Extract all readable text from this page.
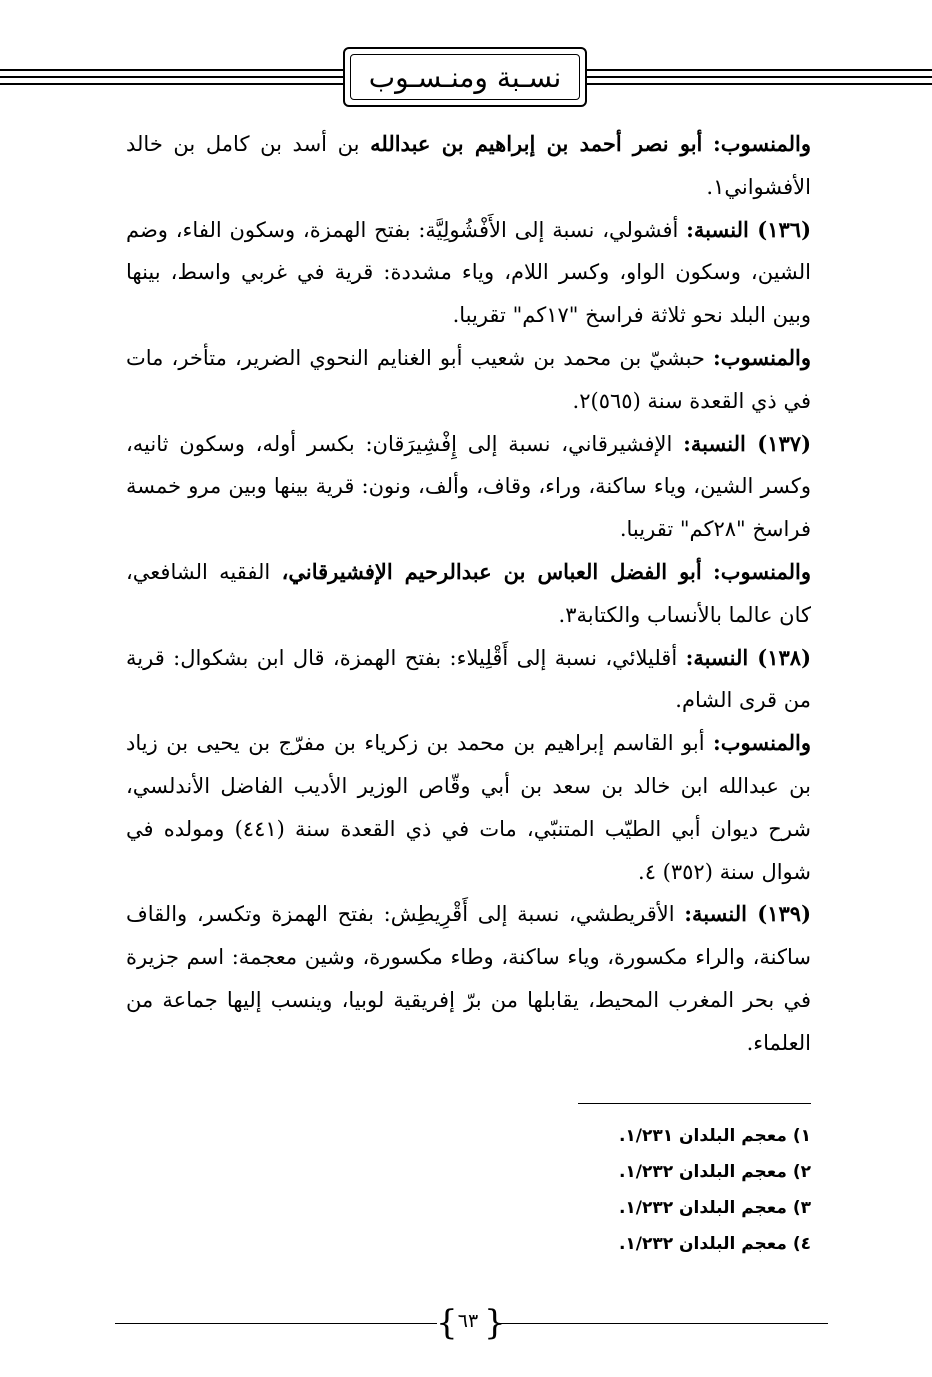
نسـبة ومنـسـوب

والمنسوب: أبو نصر أحمد بن إبراهيم بن عبدالله بن أسد بن كامل بن خالد الأفشواني١.

(١٣٦) النسبة: أفشولي، نسبة إلى الأَفْشُولِيَّة: بفتح الهمزة، وسكون الفاء، وضم الشين، وسكون الواو، وكسر اللام، وياء مشددة: قرية في غربي واسط، بينها وبين البلد نحو ثلاثة فراسخ "١٧كم" تقريبا.

والمنسوب: حبشيّ بن محمد بن شعيب أبو الغنايم النحوي الضرير، متأخر، مات في ذي القعدة سنة (٥٦٥)٢.

(١٣٧) النسبة: الإفشيرقاني، نسبة إلى إِفْشِيرَقان: بكسر أوله، وسكون ثانيه، وكسر الشين، وياء ساكنة، وراء، وقاف، وألف، ونون: قرية بينها وبين مرو خمسة فراسخ "٢٨كم" تقريبا.

والمنسوب: أبو الفضل العباس بن عبدالرحيم الإفشيرقاني، الفقيه الشافعي، كان عالما بالأنساب والكتابة٣.

(١٣٨) النسبة: أقليلائي، نسبة إلى أَقْلِيلاء: بفتح الهمزة، قال ابن بشكوال: قرية من قرى الشام.

والمنسوب: أبو القاسم إبراهيم بن محمد بن زكرياء بن مفرّج بن يحيى بن زياد بن عبدالله ابن خالد بن سعد بن أبي وقّاص الوزير الأديب الفاضل الأندلسي، شرح ديوان أبي الطيّب المتنبّي، مات في ذي القعدة سنة (٤٤١) ومولده في شوال سنة (٣٥٢) ٤.

(١٣٩) النسبة: الأقريطشي، نسبة إلى أَقْرِيطِش: بفتح الهمزة وتكسر، والقاف ساكنة، والراء مكسورة، وياء ساكنة، وطاء مكسورة، وشين معجمة: اسم جزيرة في بحر المغرب المحيط، يقابلها من برّ إفريقية لوبيا، وينسب إليها جماعة من العلماء.

١) معجم البلدان ١/٢٣١.

٢) معجم البلدان ١/٢٣٢.

٣) معجم البلدان ١/٢٣٢.

٤) معجم البلدان ١/٢٣٢.

{ }
٦٣
